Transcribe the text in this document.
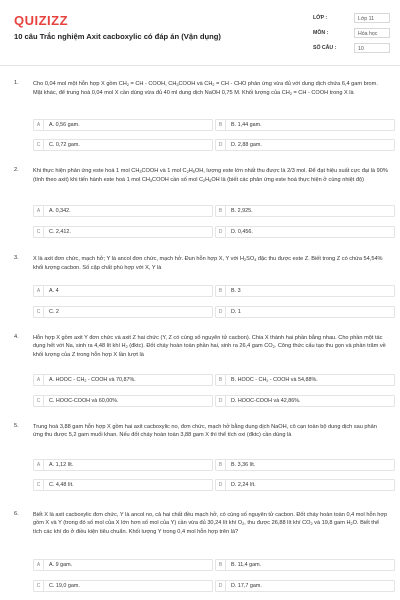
QUIZIZZ
10 câu Trắc nghiệm Axit cacboxylic có đáp án (Vận dụng)
LỚP :	Lớp 11
MÔN :	Hóa học
SỐ CÂU :	10
1.	Cho 0,04 mol một hỗn hợp X gồm $CH_2$ = CH - COOH, $CH_3COOH$ và $CH_2$ = CH - CHO phản ứng vừa đủ với dung dịch chứa 6,4 gam brom. Mặt khác, để trung hoà 0,04 mol X cần dùng vừa đủ 40 ml dung dịch NaOH 0,75 M. Khối lượng của $CH_2$ = CH - COOH trong X là
A	A. 0,56 gam.	B	B. 1,44 gam.
C	C. 0,72 gam.	D	D. 2,88 gam.
2.	Khi thực hiện phản ứng este hoá 1 mol $CH_3COOH$ và 1 mol $C_2H_5OH$, lượng este lớn nhất thu được là 2/3 mol. Để đạt hiệu suất cực đại là 90% (tính theo axit) khi tiến hành este hoá 1 mol $CH_3COOH$ cần số mol $C_2H_5OH$ là (biết các phản ứng este hoá thực hiện ở cùng nhiệt độ)
A	A. 0,342.	B	B. 2,925.
C	C. 2,412.	D	D. 0,456.
3.	X là axit đơn chức, mạch hở; Y là ancol đơn chức, mạch hở. Đun hỗn hợp X, Y với $H_2SO_4$ đặc thu được este Z. Biết trong Z có chứa 54,54% khối lượng cacbon. Số cặp chất phù hợp với X, Y là
A	A. 4	B	B. 3
C	C. 2	D	D. 1
4.	Hỗn hợp X gồm axit Y đơn chức và axit Z hai chức (Y, Z có cùng số nguyên tử cacbon). Chia X thành hai phần bằng nhau. Cho phần một tác dụng hết với Na, sinh ra 4,48 lít khí $H_2$ (đktc). Đốt cháy hoàn toàn phần hai, sinh ra 26,4 gam $CO_2$. Công thức cấu tạo thu gọn và phần trăm về khối lượng của Z trong hỗn hợp X lần lượt là
A	A. HOOC - $CH_2$ - COOH và 70,87%.	B	B. HOOC - $CH_2$ - COOH và 54,88%.
C	C. HOOC-COOH và 60,00%.	D	D. HOOC-COOH và 42,86%.
5.	Trung hoà 3,88 gam hỗn hợp X gồm hai axit cacboxylic no, đơn chức, mạch hở bằng dung dịch NaOH, cô cạn toàn bộ dung dịch sau phản ứng thu được 5,2 gam muối khan. Nếu đốt cháy hoàn toàn 3,88 gam X thì thể tích oxi (đktc) cần dùng là
A	A. 1,12 lít.	B	B. 3,36 lít.
C	C. 4,48 lít.	D	D. 2,24 lít.
6.	Biết X là axit cacboxylic đơn chức, Y là ancol no, cả hai chất đều mạch hở, có cùng số nguyên tử cacbon. Đốt cháy hoàn toàn 0,4 mol hỗn hợp gồm X và Y (trong đó số mol của X lớn hơn số mol của Y) cần vừa đủ 30,24 lít khí $O_2$, thu được 26,88 lít khí $CO_2$ và 19,8 gam $H_2O$. Biết thể tích các khí đo ở điều kiện tiêu chuẩn. Khối lượng Y trong 0,4 mol hỗn hợp trên là?
A	A. 9 gam.	B	B. 11,4 gam.
C	C. 19,0 gam.	D	D. 17,7 gam.
